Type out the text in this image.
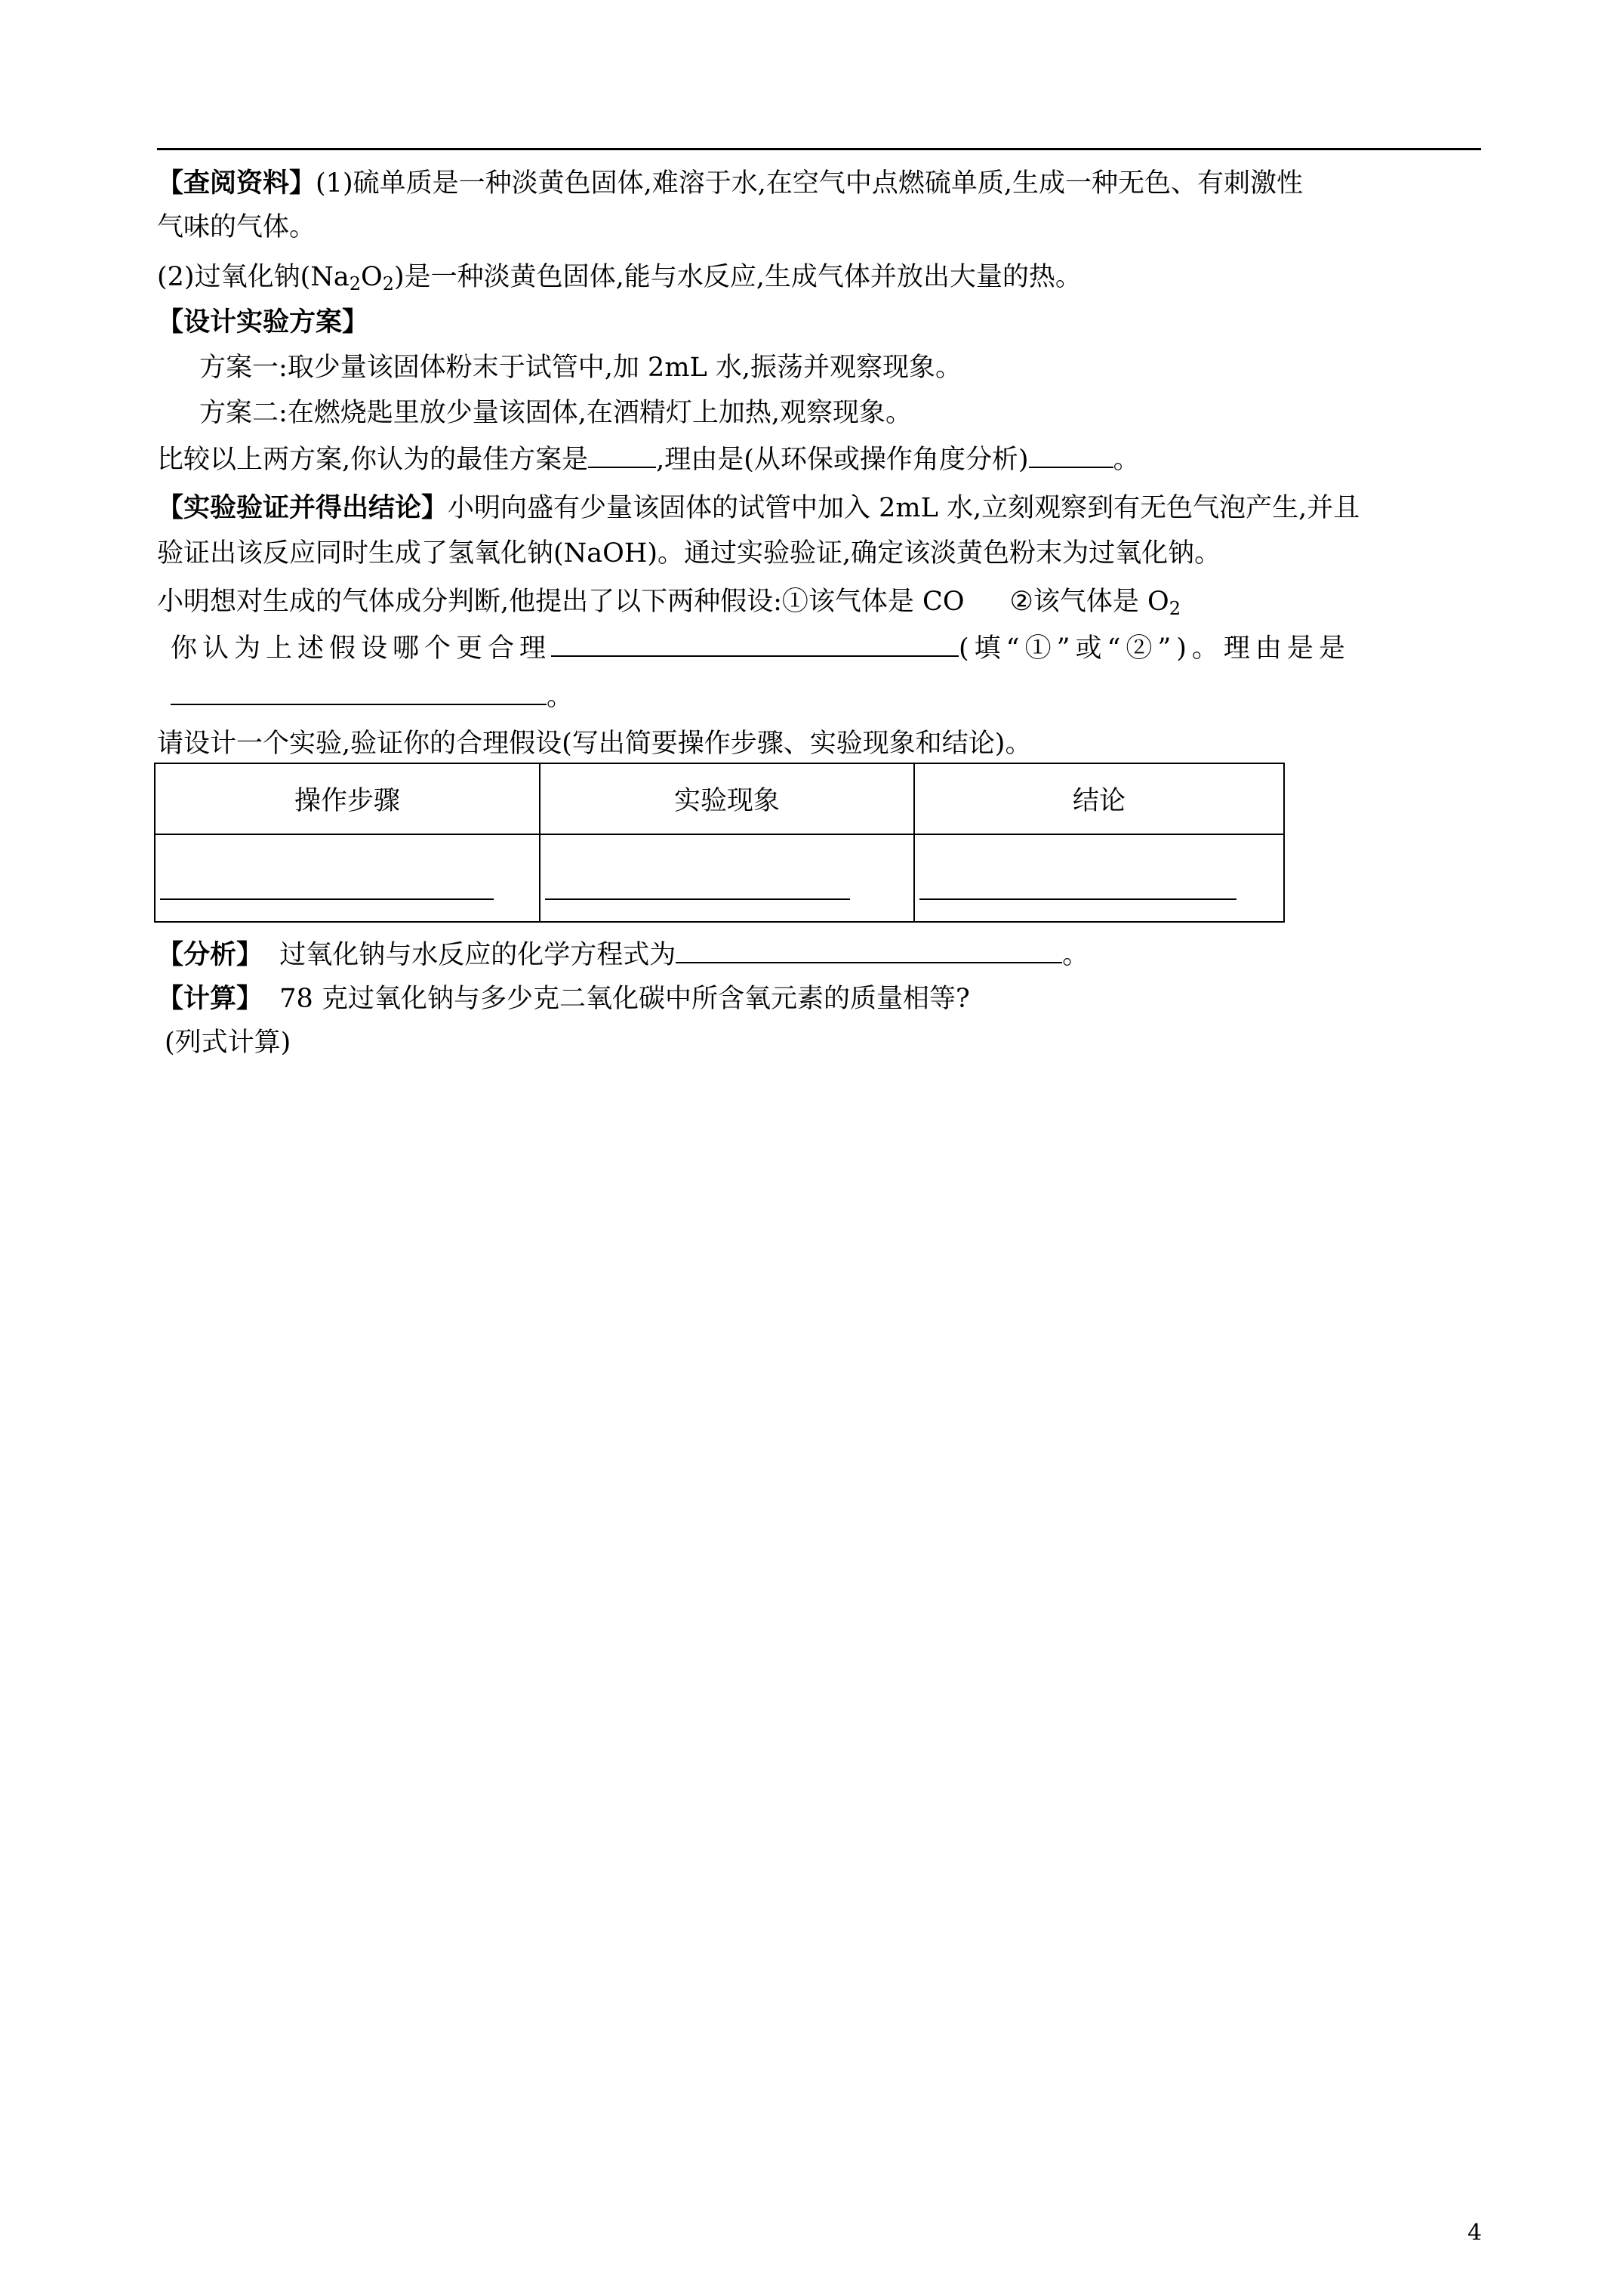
【查阅资料】(1)硫单质是一种淡黄色固体,难溶于水,在空气中点燃硫单质,生成一种无色、有刺激性
气味的气体。
(2)过氧化钠$(Na_2O_2)$是一种淡黄色固体,能与水反应,生成气体并放出大量的热。
【设计实验方案】
方案一:取少量该固体粉末于试管中,加 2mL 水,振荡并观察现象。
方案二:在燃烧匙里放少量该固体,在酒精灯上加热,观察现象。
比较以上两方案,你认为的最佳方案是	,理由是(从环保或操作角度分析)	。
【实验验证并得出结论】小明向盛有少量该固体的试管中加入 2mL 水,立刻观察到有无色气泡产生,并且
验证出该反应同时生成了氢氧化钠(NaOH)。通过实验验证,确定该淡黄色粉末为过氧化钠。
小明想对生成的气体成分判断,他提出了以下两种假设:①该气体是 CO ②该气体是 $O_2$
你认为上述假设哪个更合理	(填“①”或“②”)。理由是是
。
请设计一个实验,验证你的合理假设(写出简要操作步骤、实验现象和结论)。
操作步骤	实验现象	结论

【分析】 过氧化钠与水反应的化学方程式为	。
【计算】 78 克过氧化钠与多少克二氧化碳中所含氧元素的质量相等?
(列式计算)
4
